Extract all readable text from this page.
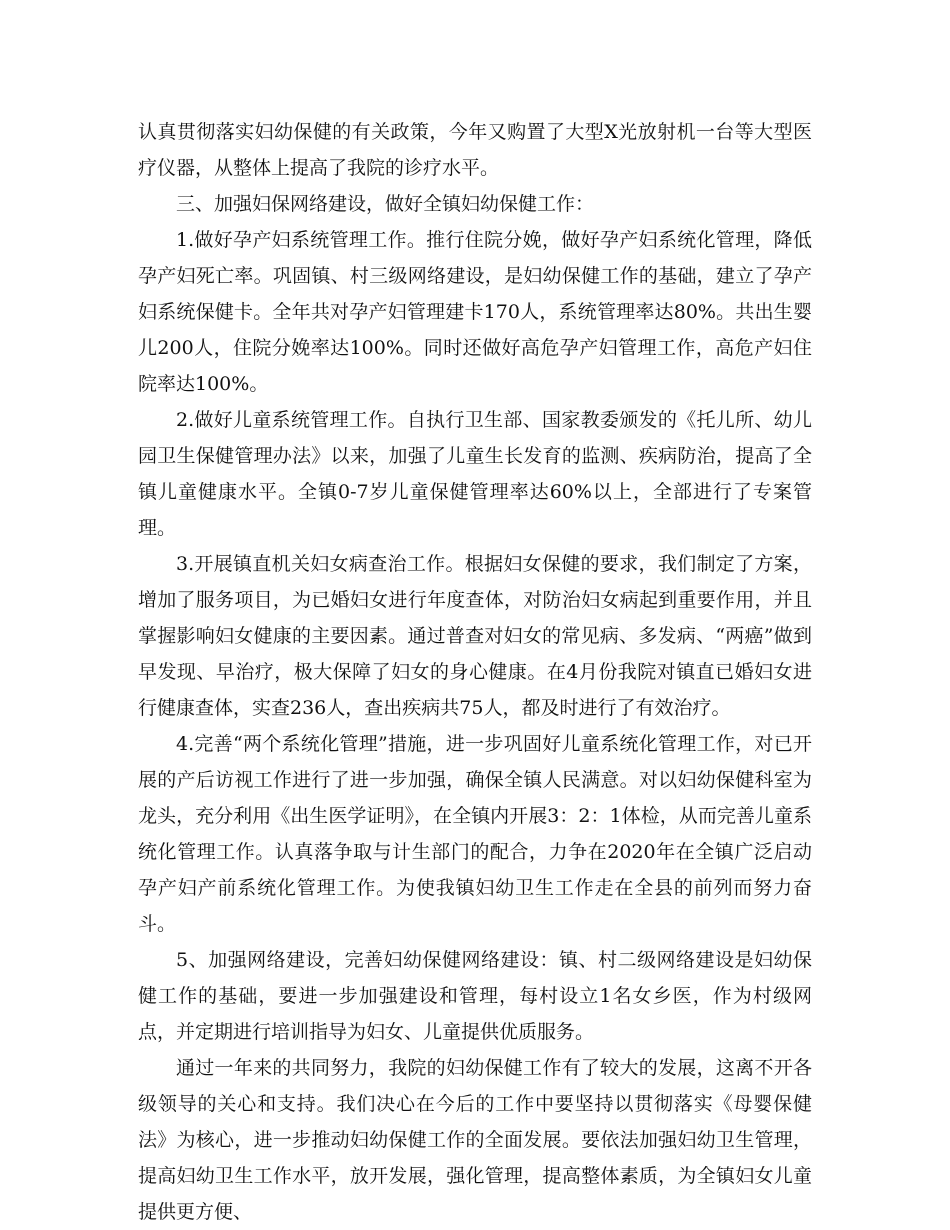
认真贯彻落实妇幼保健的有关政策，今年又购置了大型X光放射机一台等大型医疗仪器，从整体上提高了我院的诊疗水平。

三、加强妇保网络建设，做好全镇妇幼保健工作：

1.做好孕产妇系统管理工作。推行住院分娩，做好孕产妇系统化管理，降低孕产妇死亡率。巩固镇、村三级网络建设，是妇幼保健工作的基础，建立了孕产妇系统保健卡。全年共对孕产妇管理建卡170人，系统管理率达80%。共出生婴儿200人，住院分娩率达100%。同时还做好高危孕产妇管理工作，高危产妇住院率达100%。

2.做好儿童系统管理工作。自执行卫生部、国家教委颁发的《托儿所、幼儿园卫生保健管理办法》以来，加强了儿童生长发育的监测、疾病防治，提高了全镇儿童健康水平。全镇0-7岁儿童保健管理率达60%以上，全部进行了专案管理。

3.开展镇直机关妇女病查治工作。根据妇女保健的要求，我们制定了方案，增加了服务项目，为已婚妇女进行年度查体，对防治妇女病起到重要作用，并且掌握影响妇女健康的主要因素。通过普查对妇女的常见病、多发病、“两癌”做到早发现、早治疗，极大保障了妇女的身心健康。在4月份我院对镇直已婚妇女进行健康查体，实查236人，查出疾病共75人，都及时进行了有效治疗。

4.完善“两个系统化管理”措施，进一步巩固好儿童系统化管理工作，对已开展的产后访视工作进行了进一步加强，确保全镇人民满意。对以妇幼保健科室为龙头，充分利用《出生医学证明》，在全镇内开展3：2：1体检，从而完善儿童系统化管理工作。认真落争取与计生部门的配合，力争在2020年在全镇广泛启动孕产妇产前系统化管理工作。为使我镇妇幼卫生工作走在全县的前列而努力奋斗。

5、加强网络建设，完善妇幼保健网络建设：镇、村二级网络建设是妇幼保健工作的基础，要进一步加强建设和管理，每村设立1名女乡医，作为村级网点，并定期进行培训指导为妇女、儿童提供优质服务。

通过一年来的共同努力，我院的妇幼保健工作有了较大的发展，这离不开各级领导的关心和支持。我们决心在今后的工作中要坚持以贯彻落实《母婴保健法》为核心，进一步推动妇幼保健工作的全面发展。要依法加强妇幼卫生管理，提高妇幼卫生工作水平，放开发展，强化管理，提高整体素质，为全镇妇女儿童提供更方便、
